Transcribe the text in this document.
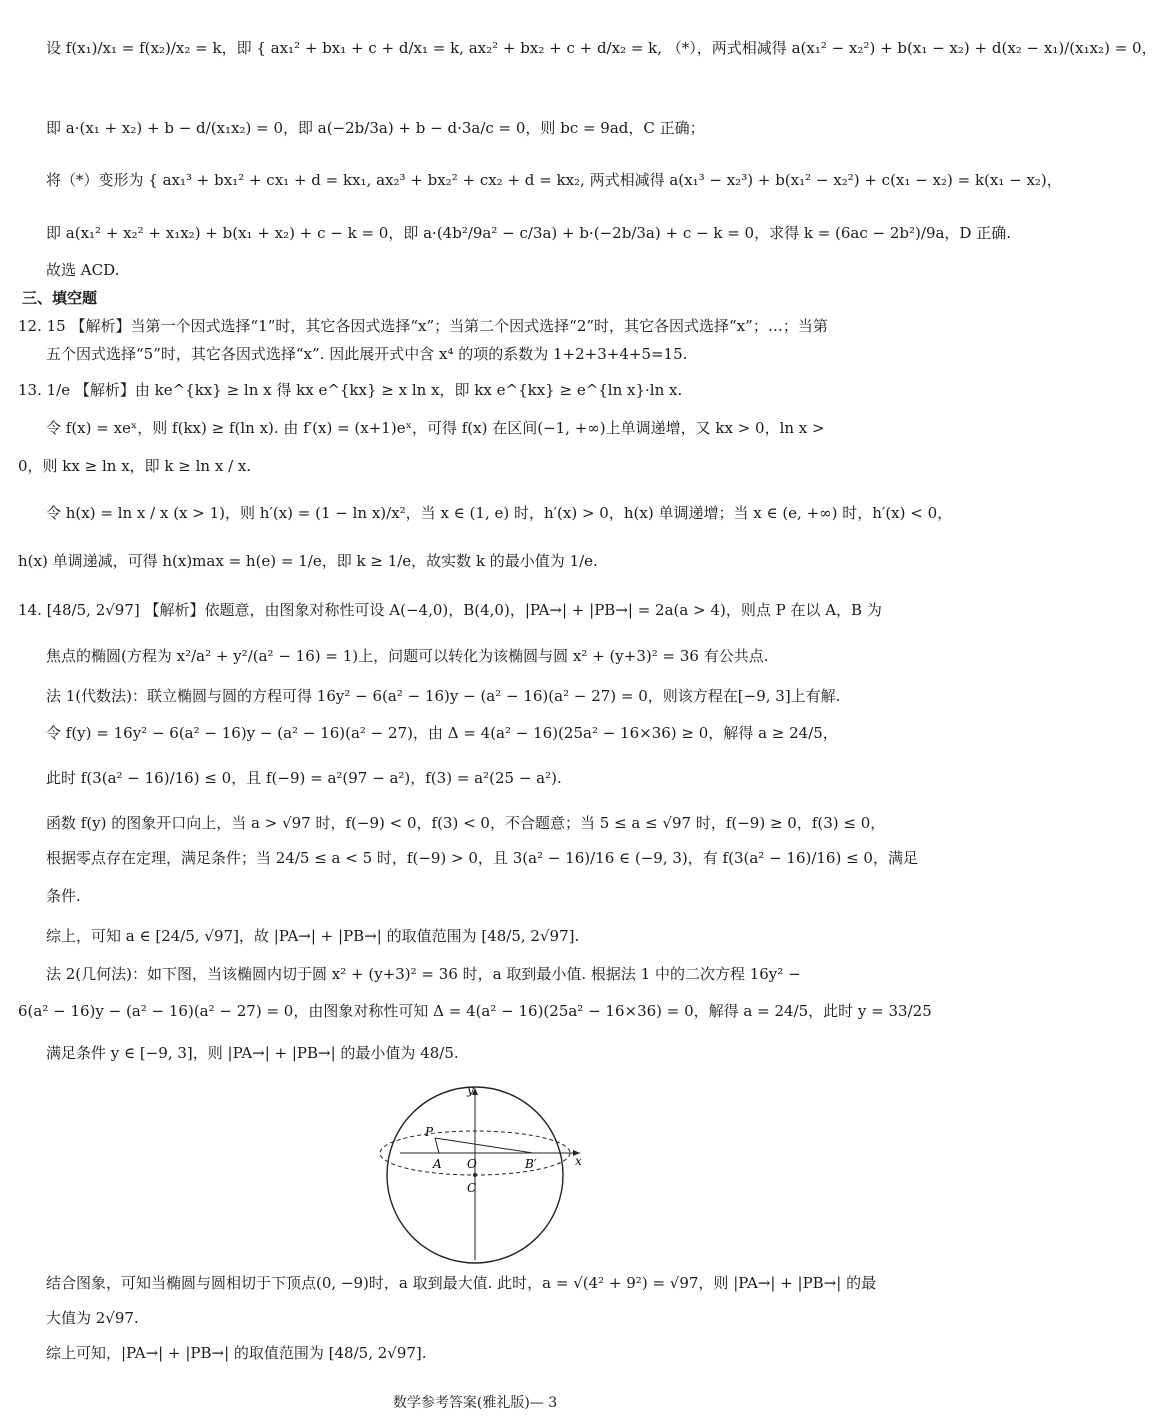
设 f(x₁)/x₁ = f(x₂)/x₂ = k，即 { ax₁² + bx₁ + c + d/x₁ = k, ax₂² + bx₂ + c + d/x₂ = k, （*），两式相减得 a(x₁² − x₂²) + b(x₁ − x₂) + d(x₂ − x₁)/(x₁x₂) = 0，
即 a·(x₁ + x₂) + b − d/(x₁x₂) = 0，即 a(−2b/3a) + b − d·3a/c = 0，则 bc = 9ad，C 正确；
将（*）变形为 { ax₁³ + bx₁² + cx₁ + d = kx₁, ax₂³ + bx₂² + cx₂ + d = kx₂, 两式相减得 a(x₁³ − x₂³) + b(x₁² − x₂²) + c(x₁ − x₂) = k(x₁ − x₂)，
即 a(x₁² + x₂² + x₁x₂) + b(x₁ + x₂) + c − k = 0，即 a·(4b²/9a² − c/3a) + b·(−2b/3a) + c − k = 0，求得 k = (6ac − 2b²)/9a，D 正确.
故选 ACD.
三、填空题
12. 15 【解析】当第一个因式选择“1”时，其它各因式选择“x”；当第二个因式选择“2”时，其它各因式选择“x”；…；当第
五个因式选择“5”时，其它各因式选择“x”. 因此展开式中含 x⁴ 的项的系数为 1+2+3+4+5=15.
13. 1/e 【解析】由 ke^{kx} ≥ ln x 得 kx e^{kx} ≥ x ln x，即 kx e^{kx} ≥ e^{ln x}·ln x.
令 f(x) = xeˣ，则 f(kx) ≥ f(ln x). 由 f′(x) = (x+1)eˣ，可得 f(x) 在区间(−1, +∞)上单调递增，又 kx > 0，ln x >
0，则 kx ≥ ln x，即 k ≥ ln x / x.
令 h(x) = ln x / x (x > 1)，则 h′(x) = (1 − ln x)/x²，当 x ∈ (1, e) 时，h′(x) > 0，h(x) 单调递增；当 x ∈ (e, +∞) 时，h′(x) < 0，
h(x) 单调递减，可得 h(x)max = h(e) = 1/e，即 k ≥ 1/e，故实数 k 的最小值为 1/e.
14. [48/5, 2√97] 【解析】依题意，由图象对称性可设 A(−4,0)，B(4,0)，|PA→| + |PB→| = 2a(a > 4)，则点 P 在以 A，B 为
焦点的椭圆(方程为 x²/a² + y²/(a² − 16) = 1)上，问题可以转化为该椭圆与圆 x² + (y+3)² = 36 有公共点.
法 1(代数法)：联立椭圆与圆的方程可得 16y² − 6(a² − 16)y − (a² − 16)(a² − 27) = 0，则该方程在[−9, 3]上有解.
令 f(y) = 16y² − 6(a² − 16)y − (a² − 16)(a² − 27)，由 Δ = 4(a² − 16)(25a² − 16×36) ≥ 0，解得 a ≥ 24/5，
此时 f(3(a² − 16)/16) ≤ 0，且 f(−9) = a²(97 − a²)，f(3) = a²(25 − a²).
函数 f(y) 的图象开口向上，当 a > √97 时，f(−9) < 0，f(3) < 0，不合题意；当 5 ≤ a ≤ √97 时，f(−9) ≥ 0，f(3) ≤ 0，
根据零点存在定理，满足条件；当 24/5 ≤ a < 5 时，f(−9) > 0，且 3(a² − 16)/16 ∈ (−9, 3)，有 f(3(a² − 16)/16) ≤ 0，满足
条件.
综上，可知 a ∈ [24/5, √97]，故 |PA→| + |PB→| 的取值范围为 [48/5, 2√97].
法 2(几何法)：如下图，当该椭圆内切于圆 x² + (y+3)² = 36 时，a 取到最小值. 根据法 1 中的二次方程 16y² −
6(a² − 16)y − (a² − 16)(a² − 27) = 0，由图象对称性可知 Δ = 4(a² − 16)(25a² − 16×36) = 0，解得 a = 24/5，此时 y = 33/25
满足条件 y ∈ [−9, 3]，则 |PA→| + |PB→| 的最小值为 48/5.
y
x
P
A O	B′
C
结合图象，可知当椭圆与圆相切于下顶点(0, −9)时，a 取到最大值. 此时，a = √(4² + 9²) = √97，则 |PA→| + |PB→| 的最
大值为 2√97.
综上可知，|PA→| + |PB→| 的取值范围为 [48/5, 2√97].
数学参考答案(雅礼版)— 3
